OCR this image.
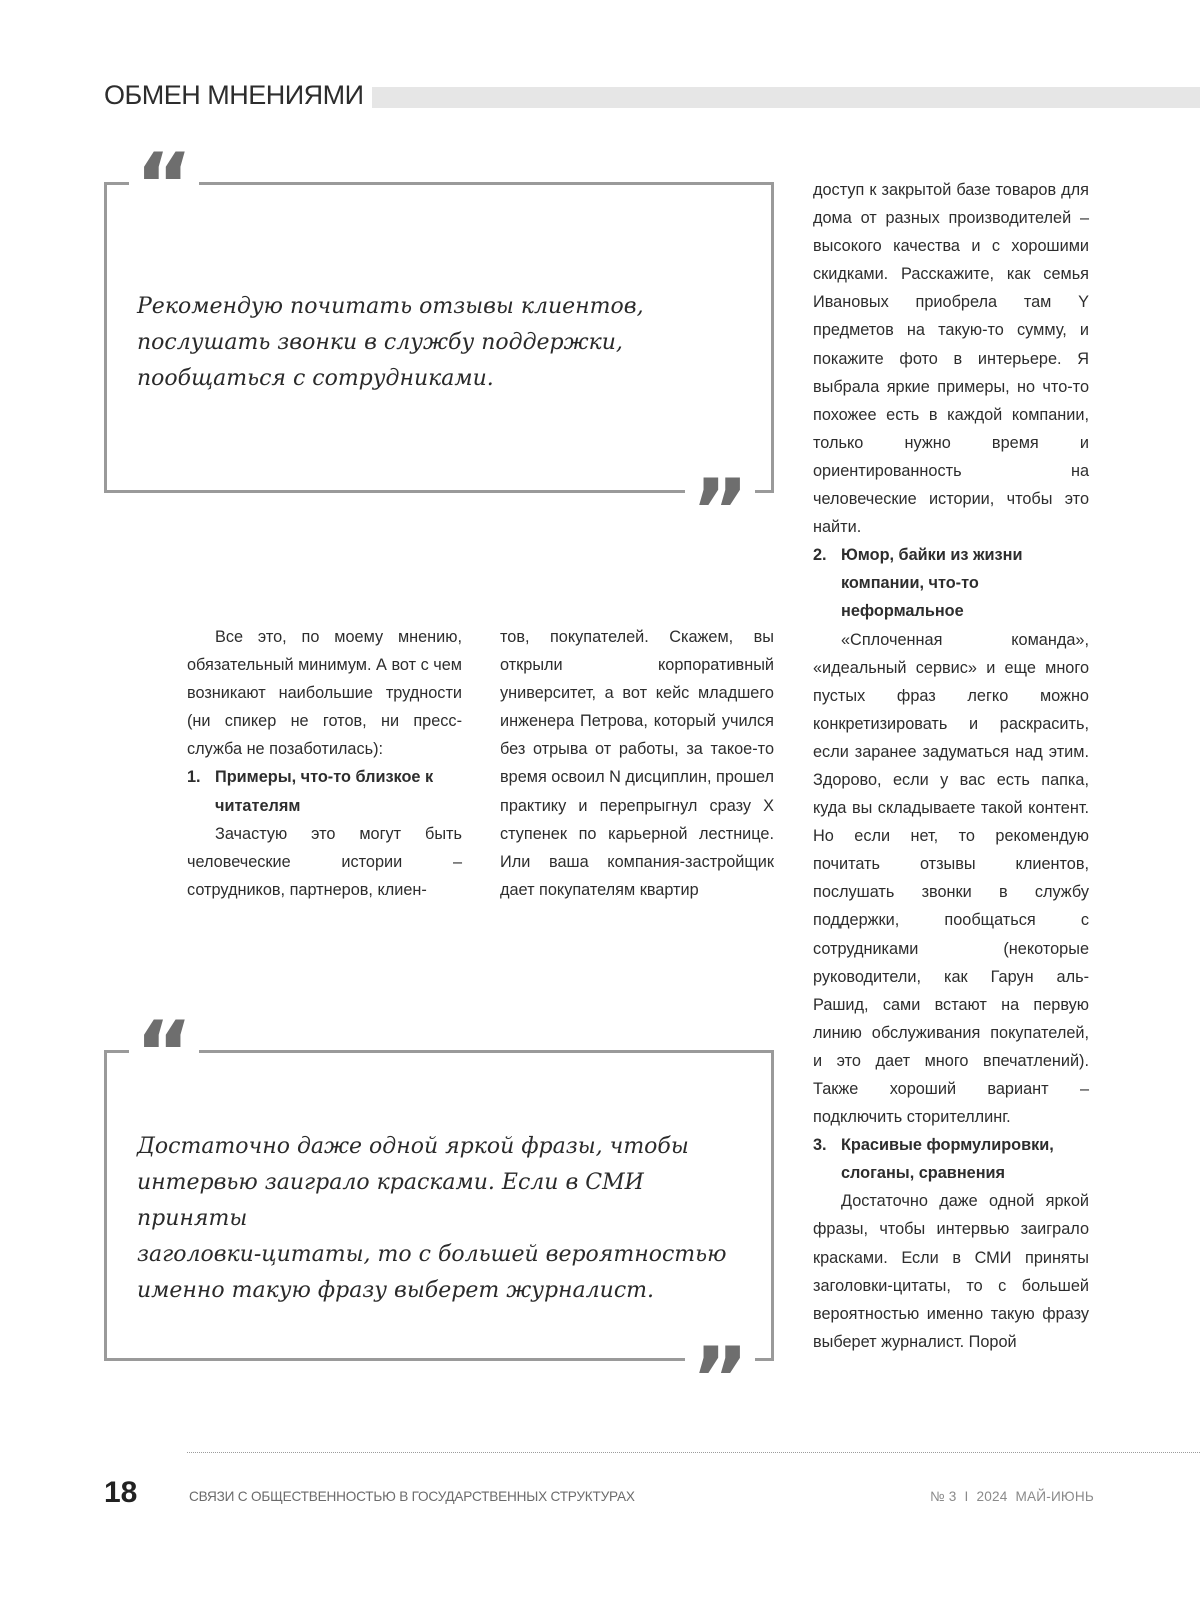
ОБМЕН МНЕНИЯМИ
“
Рекомендую почитать отзывы клиентов,
послушать звонки в службу поддержки,
пообщаться с сотрудниками.
”

Все это, по моему мнению, обязательный минимум. А вот с чем возникают наибольшие трудности (ни спикер не готов, ни пресс-служба не позаботилась):

1. Примеры, что-то близкое к читателям

Зачастую это могут быть человеческие истории – сотрудников, партнеров, клиен-

тов, покупателей. Скажем, вы открыли корпоративный университет, а вот кейс младшего инженера Петрова, который учился без отрыва от работы, за такое-то время освоил N дисциплин, прошел практику и перепрыгнул сразу X ступенек по карьерной лестнице. Или ваша компания-застройщик дает покупателям квартир

доступ к закрытой базе товаров для дома от разных производителей – высокого качества и с хорошими скидками. Расскажите, как семья Ивановых приобрела там Y предметов на такую-то сумму, и покажите фото в интерьере. Я выбрала яркие примеры, но что-то похожее есть в каждой компании, только нужно время и ориентированность на человеческие истории, чтобы это найти.

2. Юмор, байки из жизни компании, что-то неформальное

«Сплоченная команда», «идеальный сервис» и еще много пустых фраз легко можно конкретизировать и раскрасить, если заранее задуматься над этим. Здорово, если у вас есть папка, куда вы складываете такой контент. Но если нет, то рекомендую почитать отзывы клиентов, послушать звонки в службу поддержки, пообщаться с сотрудниками (некоторые руководители, как Гарун аль-Рашид, сами встают на первую линию обслуживания покупателей, и это дает много впечатлений). Также хороший вариант – подключить сторителлинг.

3. Красивые формулировки, слоганы, сравнения

Достаточно даже одной яркой фразы, чтобы интервью заиграло красками. Если в СМИ приняты заголовки-цитаты, то с большей вероятностью именно такую фразу выберет журналист. Порой

“
Достаточно даже одной яркой фразы, чтобы
интервью заиграло красками. Если в СМИ приняты
заголовки-цитаты, то с большей вероятностью
именно такую фразу выберет журналист.
”
18	СВЯЗИ С ОБЩЕСТВЕННОСТЬЮ В ГОСУДАРСТВЕННЫХ СТРУКТУРАХ	№ 3 I 2024 МАЙ-ИЮНЬ
